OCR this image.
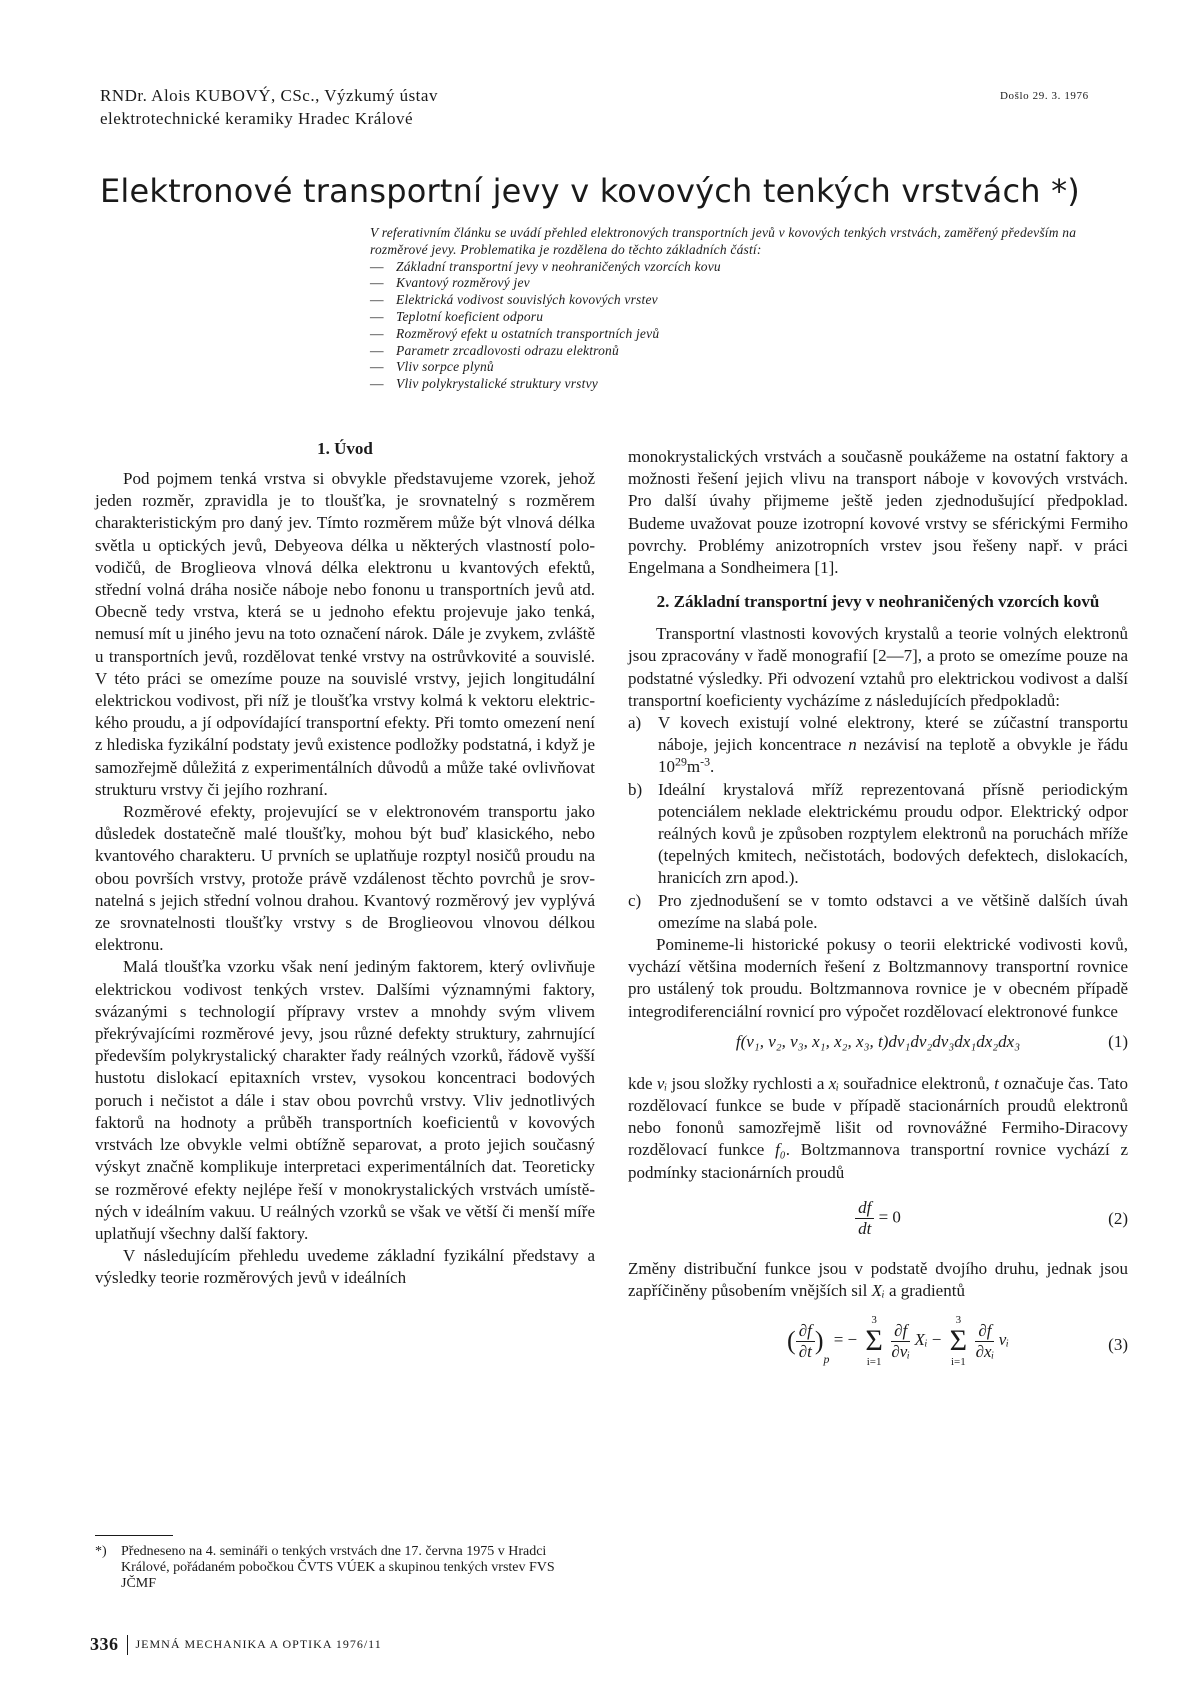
RNDr. Alois KUBOVÝ, CSc., Výzkumý ústav
elektrotechnické keramiky Hradec Králové
Došlo 29. 3. 1976
Elektronové transportní jevy v kovových tenkých vrstvách *)
V referativním článku se uvádí přehled elektronových transportních jevů v kovových tenkých vrstvách, zaměřený především na rozměrové jevy. Problematika je rozdělena do těchto základních částí:
— Základní transportní jevy v neohraničených vzorcích kovu
— Kvantový rozměrový jev
— Elektrická vodivost souvislých kovových vrstev
— Teplotní koeficient odporu
— Rozměrový efekt u ostatních transportních jevů
— Parametr zrcadlovosti odrazu elektronů
— Vliv sorpce plynů
— Vliv polykrystalické struktury vrstvy
1. Úvod

Pod pojmem tenká vrstva si obvykle představujeme vzorek, jehož jeden rozměr, zpravidla je to tloušťka, je srovnatelný s rozměrem charakteristickým pro daný jev. Tímto rozměrem může být vlnová délka světla u optických jevů, Debyeova délka u některých vlastností polovodičů, de Broglieova vlnová délka elektronu u kvantových efektů, střední volná dráha nosiče náboje nebo fononu u transportních jevů atd. Obecně tedy vrstva, která se u jednoho efektu projevuje jako tenká, nemusí mít u jiného jevu na toto označení nárok. Dále je zvykem, zvláště u transportních jevů, rozdělovat tenké vrstvy na ostrůvkovité a souvislé. V této práci se omezíme pouze na souvislé vrstvy, jejich longitudální elektrickou vodivost, při níž je tloušťka vrstvy kolmá k vektoru elektrického proudu, a jí odpovídající transportní efekty. Při tomto omezení není z hlediska fyzikální podstaty jevů existence podložky podstatná, i když je samozřejmě důležitá z experimentálních důvodů a může také ovlivňovat strukturu vrstvy či jejího rozhraní.

Rozměrové efekty, projevující se v elektronovém transportu jako důsledek dostatečně malé tloušťky, mohou být buď klasického, nebo kvantového charakteru. U prvních se uplatňuje rozptyl nosičů proudu na obou površích vrstvy, protože právě vzdálenost těchto povrchů je srovnatelná s jejich střední volnou drahou. Kvantový rozměrový jev vyplývá ze srovnatelnosti tloušťky vrstvy s de Broglieovou vlnovou délkou elektronu.

Malá tloušťka vzorku však není jediným faktorem, který ovlivňuje elektrickou vodivost tenkých vrstev. Dalšími významnými faktory, svázanými s technologií přípravy vrstev a mnohdy svým vlivem překrývajícími rozměrové jevy, jsou různé defekty struktury, zahrnující především polykrystalický charakter řady reálných vzorků, řádově vyšší hustotu dislokací epitaxních vrstev, vysokou koncentraci bodových poruch i nečistot a dále i stav obou povrchů vrstvy. Vliv jednotlivých faktorů na hodnoty a průběh transportních koeficientů v kovových vrstvách lze obvykle velmi obtížně separovat, a proto jejich současný výskyt značně komplikuje interpretaci experimentálních dat. Teoreticky se rozměrové efekty nejlépe řeší v monokrystalických vrstvách umístěných v ideálním vakuu. U reálných vzorků se však ve větší či menší míře uplatňují všechny další faktory.

V následujícím přehledu uvedeme základní fyzikální představy a výsledky teorie rozměrových jevů v ideálních

monokrystalických vrstvách a současně poukážeme na ostatní faktory a možnosti řešení jejich vlivu na transport náboje v kovových vrstvách. Pro další úvahy přijmeme ještě jeden zjednodušující předpoklad. Budeme uvažovat pouze izotropní kovové vrstvy se sférickými Fermiho povrchy. Problémy anizotropních vrstev jsou řešeny např. v práci Engelmana a Sondheimera [1].

2. Základní transportní jevy v neohraničených vzorcích kovů

Transportní vlastnosti kovových krystalů a teorie volných elektronů jsou zpracovány v řadě monografií [2—7], a proto se omezíme pouze na podstatné výsledky. Při odvození vztahů pro elektrickou vodivost a další transportní koeficienty vycházíme z následujících předpokladů:

a) V kovech existují volné elektrony, které se zúčastní transportu náboje, jejich koncentrace n nezávisí na teplotě a obvykle je řádu $10^{29}m^{-3}$.
b) Ideální krystalová mříž reprezentovaná přísně periodickým potenciálem neklade elektrickému proudu odpor. Elektrický odpor reálných kovů je způsoben rozptylem elektronů na poruchách mříže (tepelných kmitech, nečistotách, bodových defektech, dislokacích, hranicích zrn apod.).
c) Pro zjednodušení se v tomto odstavci a ve většině dalších úvah omezíme na slabá pole.

Pomineme-li historické pokusy o teorii elektrické vodivosti kovů, vychází většina moderních řešení z Boltzmannovy transportní rovnice pro ustálený tok proudu. Boltzmannova rovnice je v obecném případě integrodiferenciální rovnicí pro výpočet rozdělovací elektronové funkce

f(v₁, v₂, v₃, x₁, x₂, x₃, t)dv₁dv₂dv₃dx₁dx₂dx₃	(1)

kde vᵢ jsou složky rychlosti a xᵢ souřadnice elektronů, t označuje čas. Tato rozdělovací funkce se bude v případě stacionárních proudů elektronů nebo fononů samozřejmě lišit od rovnovážné Fermiho-Diracovy rozdělovací funkce f₀. Boltzmannova transportní rovnice vychází z podmínky stacionárních proudů

$\frac{df}{dt} = 0$	(2)

Změny distribuční funkce jsou v podstatě dvojího druhu, jednak jsou zapříčiněny působením vnějších sil Xᵢ a gradientů

( $\frac{\partial f}{\partial t} )_p$ = −
3
Σ
i=1

$\frac{\partial f}{\text{∂vᵢ}}$ Xᵢ −
3
Σ
i=1

$\frac{\partial f}{\text{∂xᵢ}}$ vᵢ	(3)
*)	Předneseno na 4. semináři o tenkých vrstvách dne 17. června 1975 v Hradci Králové, pořádaném pobočkou ČVTS VÚEK a skupinou tenkých vrstev FVS JČMF
336 JEMNÁ MECHANIKA A OPTIKA 1976/11
